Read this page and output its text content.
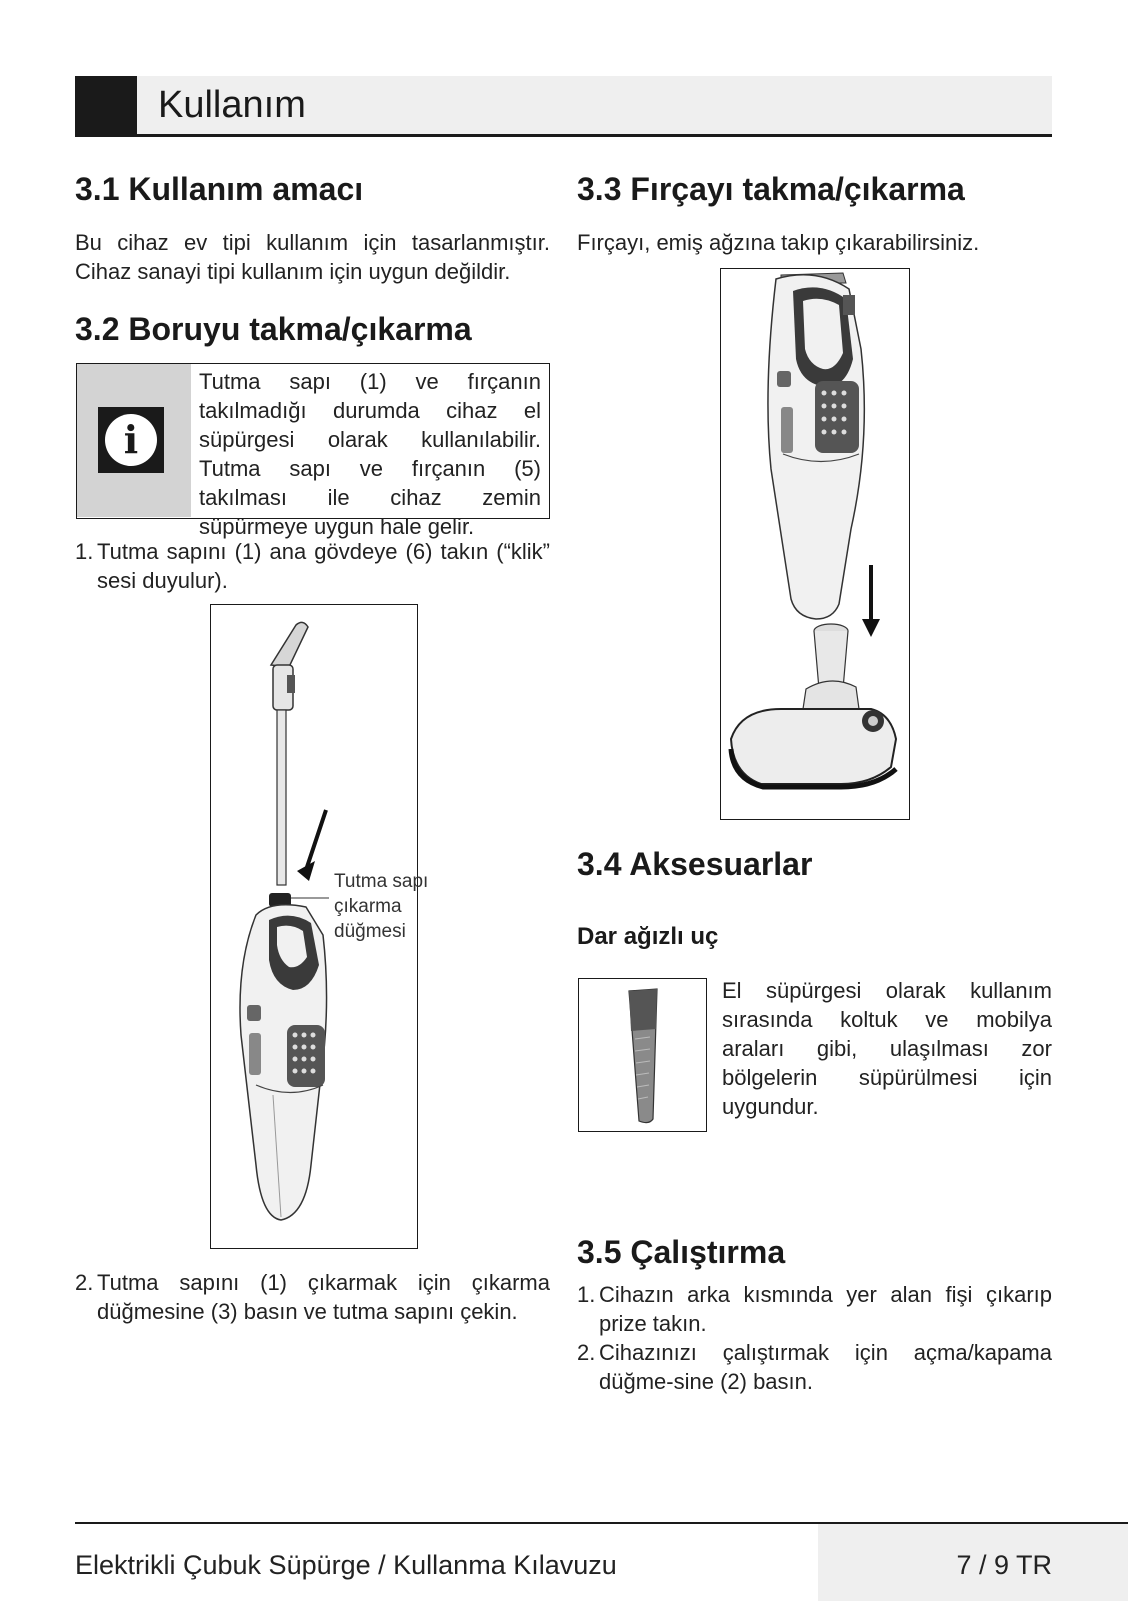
Kullanım
3.1 Kullanım amacı
Bu cihaz ev tipi kullanım için tasarlanmıştır. Cihaz sanayi tipi kullanım için uygun değildir.
3.2 Boruyu takma/çıkarma
i
Tutma sapı (1) ve fırçanın takılmadığı durumda cihaz el süpürgesi olarak kullanılabilir. Tutma sapı ve fırçanın (5) takılması ile cihaz zemin süpürmeye uygun hale gelir.
1. Tutma sapını (1) ana gövdeye (6) takın (“klik” sesi duyulur).
Tutma sapı
çıkarma
düğmesi
2. Tutma sapını (1) çıkarmak için çıkarma düğmesine (3) basın ve tutma sapını çekin.
3.3 Fırçayı takma/çıkarma
Fırçayı, emiş ağzına takıp çıkarabilirsiniz.
3.4 Aksesuarlar
Dar ağızlı uç
El süpürgesi olarak kullanım sırasında koltuk ve mobilya araları gibi, ulaşılması zor bölgelerin süpürülmesi için uygundur.
3.5 Çalıştırma
1. Cihazın arka kısmında yer alan fişi çıkarıp prize takın.
2. Cihazınızı çalıştırmak için açma/kapama düğme-sine (2) basın.
Elektrikli Çubuk Süpürge / Kullanma Kılavuzu	7 / 9 TR
